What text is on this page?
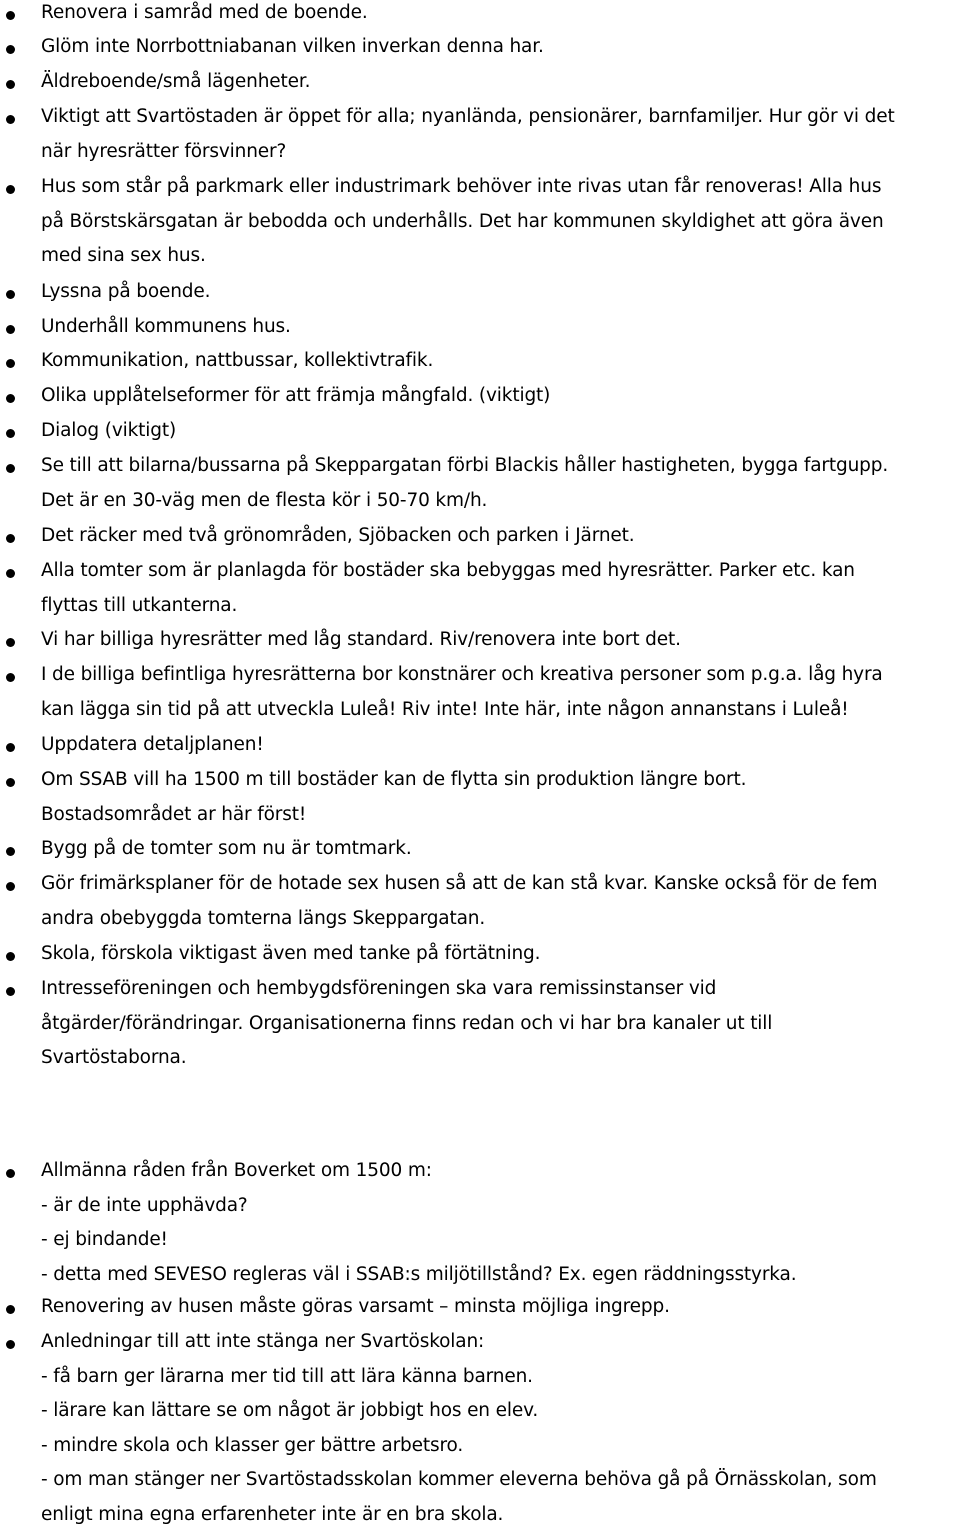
Renovera i samråd med de boende.
Glöm inte Norrbottniabanan vilken inverkan denna har.
Äldreboende/små lägenheter.
Viktigt att Svartöstaden är öppet för alla; nyanlända, pensionärer, barnfamiljer. Hur gör vi det
när hyresrätter försvinner?
Hus som står på parkmark eller industrimark behöver inte rivas utan får renoveras! Alla hus
på Börstskärsgatan är bebodda och underhålls. Det har kommunen skyldighet att göra även
med sina sex hus.
Lyssna på boende.
Underhåll kommunens hus.
Kommunikation, nattbussar, kollektivtrafik.
Olika upplåtelseformer för att främja mångfald. (viktigt)
Dialog (viktigt)
Se till att bilarna/bussarna på Skeppargatan förbi Blackis håller hastigheten, bygga fartgupp.
Det är en 30-väg men de flesta kör i 50-70 km/h.
Det räcker med två grönområden, Sjöbacken och parken i Järnet.
Alla tomter som är planlagda för bostäder ska bebyggas med hyresrätter. Parker etc. kan
flyttas till utkanterna.
Vi har billiga hyresrätter med låg standard. Riv/renovera inte bort det.
I de billiga befintliga hyresrätterna bor konstnärer och kreativa personer som p.g.a. låg hyra
kan lägga sin tid på att utveckla Luleå! Riv inte! Inte här, inte någon annanstans i Luleå!
Uppdatera detaljplanen!
Om SSAB vill ha 1500 m till bostäder kan de flytta sin produktion längre bort.
Bostadsområdet ar här först!
Bygg på de tomter som nu är tomtmark.
Gör frimärksplaner för de hotade sex husen så att de kan stå kvar. Kanske också för de fem
andra obebyggda tomterna längs Skeppargatan.
Skola, förskola viktigast även med tanke på förtätning.
Intresseföreningen och hembygdsföreningen ska vara remissinstanser vid
åtgärder/förändringar. Organisationerna finns redan och vi har bra kanaler ut till
Svartöstaborna.
Allmänna råden från Boverket om 1500 m:
- är de inte upphävda?
- ej bindande!
- detta med SEVESO regleras väl i SSAB:s miljötillstånd? Ex. egen räddningsstyrka.
Renovering av husen måste göras varsamt – minsta möjliga ingrepp.
Anledningar till att inte stänga ner Svartöskolan:
- få barn ger lärarna mer tid till att lära känna barnen.
- lärare kan lättare se om något är jobbigt hos en elev.
- mindre skola och klasser ger bättre arbetsro.
- om man stänger ner Svartöstadsskolan kommer eleverna behöva gå på Örnässkolan, som
enligt mina egna erfarenheter inte är en bra skola.
